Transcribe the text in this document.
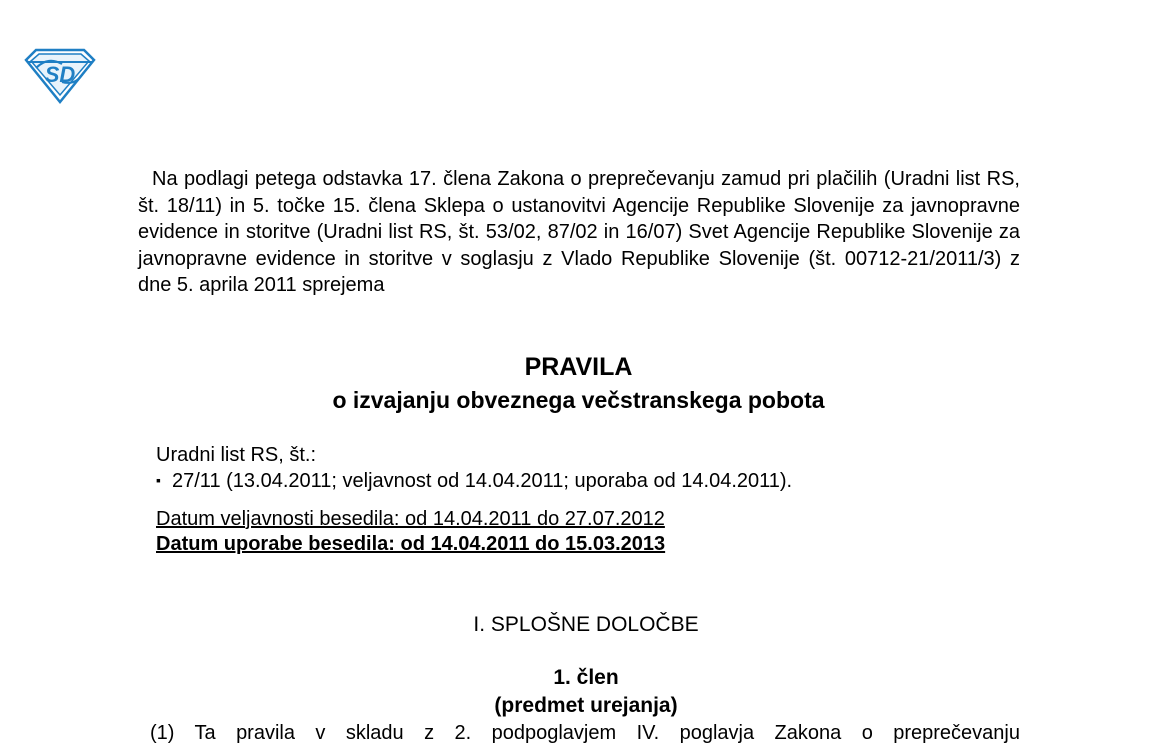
SD

Na podlagi petega odstavka 17. člena Zakona o preprečevanju zamud pri plačilih (Uradni list RS, št. 18/11) in 5. točke 15. člena Sklepa o ustanovitvi Agencije Republike Slovenije za javnopravne evidence in storitve (Uradni list RS, št. 53/02, 87/02 in 16/07) Svet Agencije Republike Slovenije za javnopravne evidence in storitve v soglasju z Vlado Republike Slovenije (št. 00712-21/2011/3) z dne 5. aprila 2011 sprejema

PRAVILA
o izvajanju obveznega večstranskega pobota
Uradni list RS, št.:
▪ 27/11 (13.04.2011; veljavnost od 14.04.2011; uporaba od 14.04.2011).
Datum veljavnosti besedila: od 14.04.2011 do 27.07.2012
Datum uporabe besedila: od 14.04.2011 do 15.03.2013
I. SPLOŠNE DOLOČBE
1. člen
(predmet urejanja)
(1) Ta pravila v skladu z 2. podpoglavjem IV. poglavja Zakona o preprečevanju
